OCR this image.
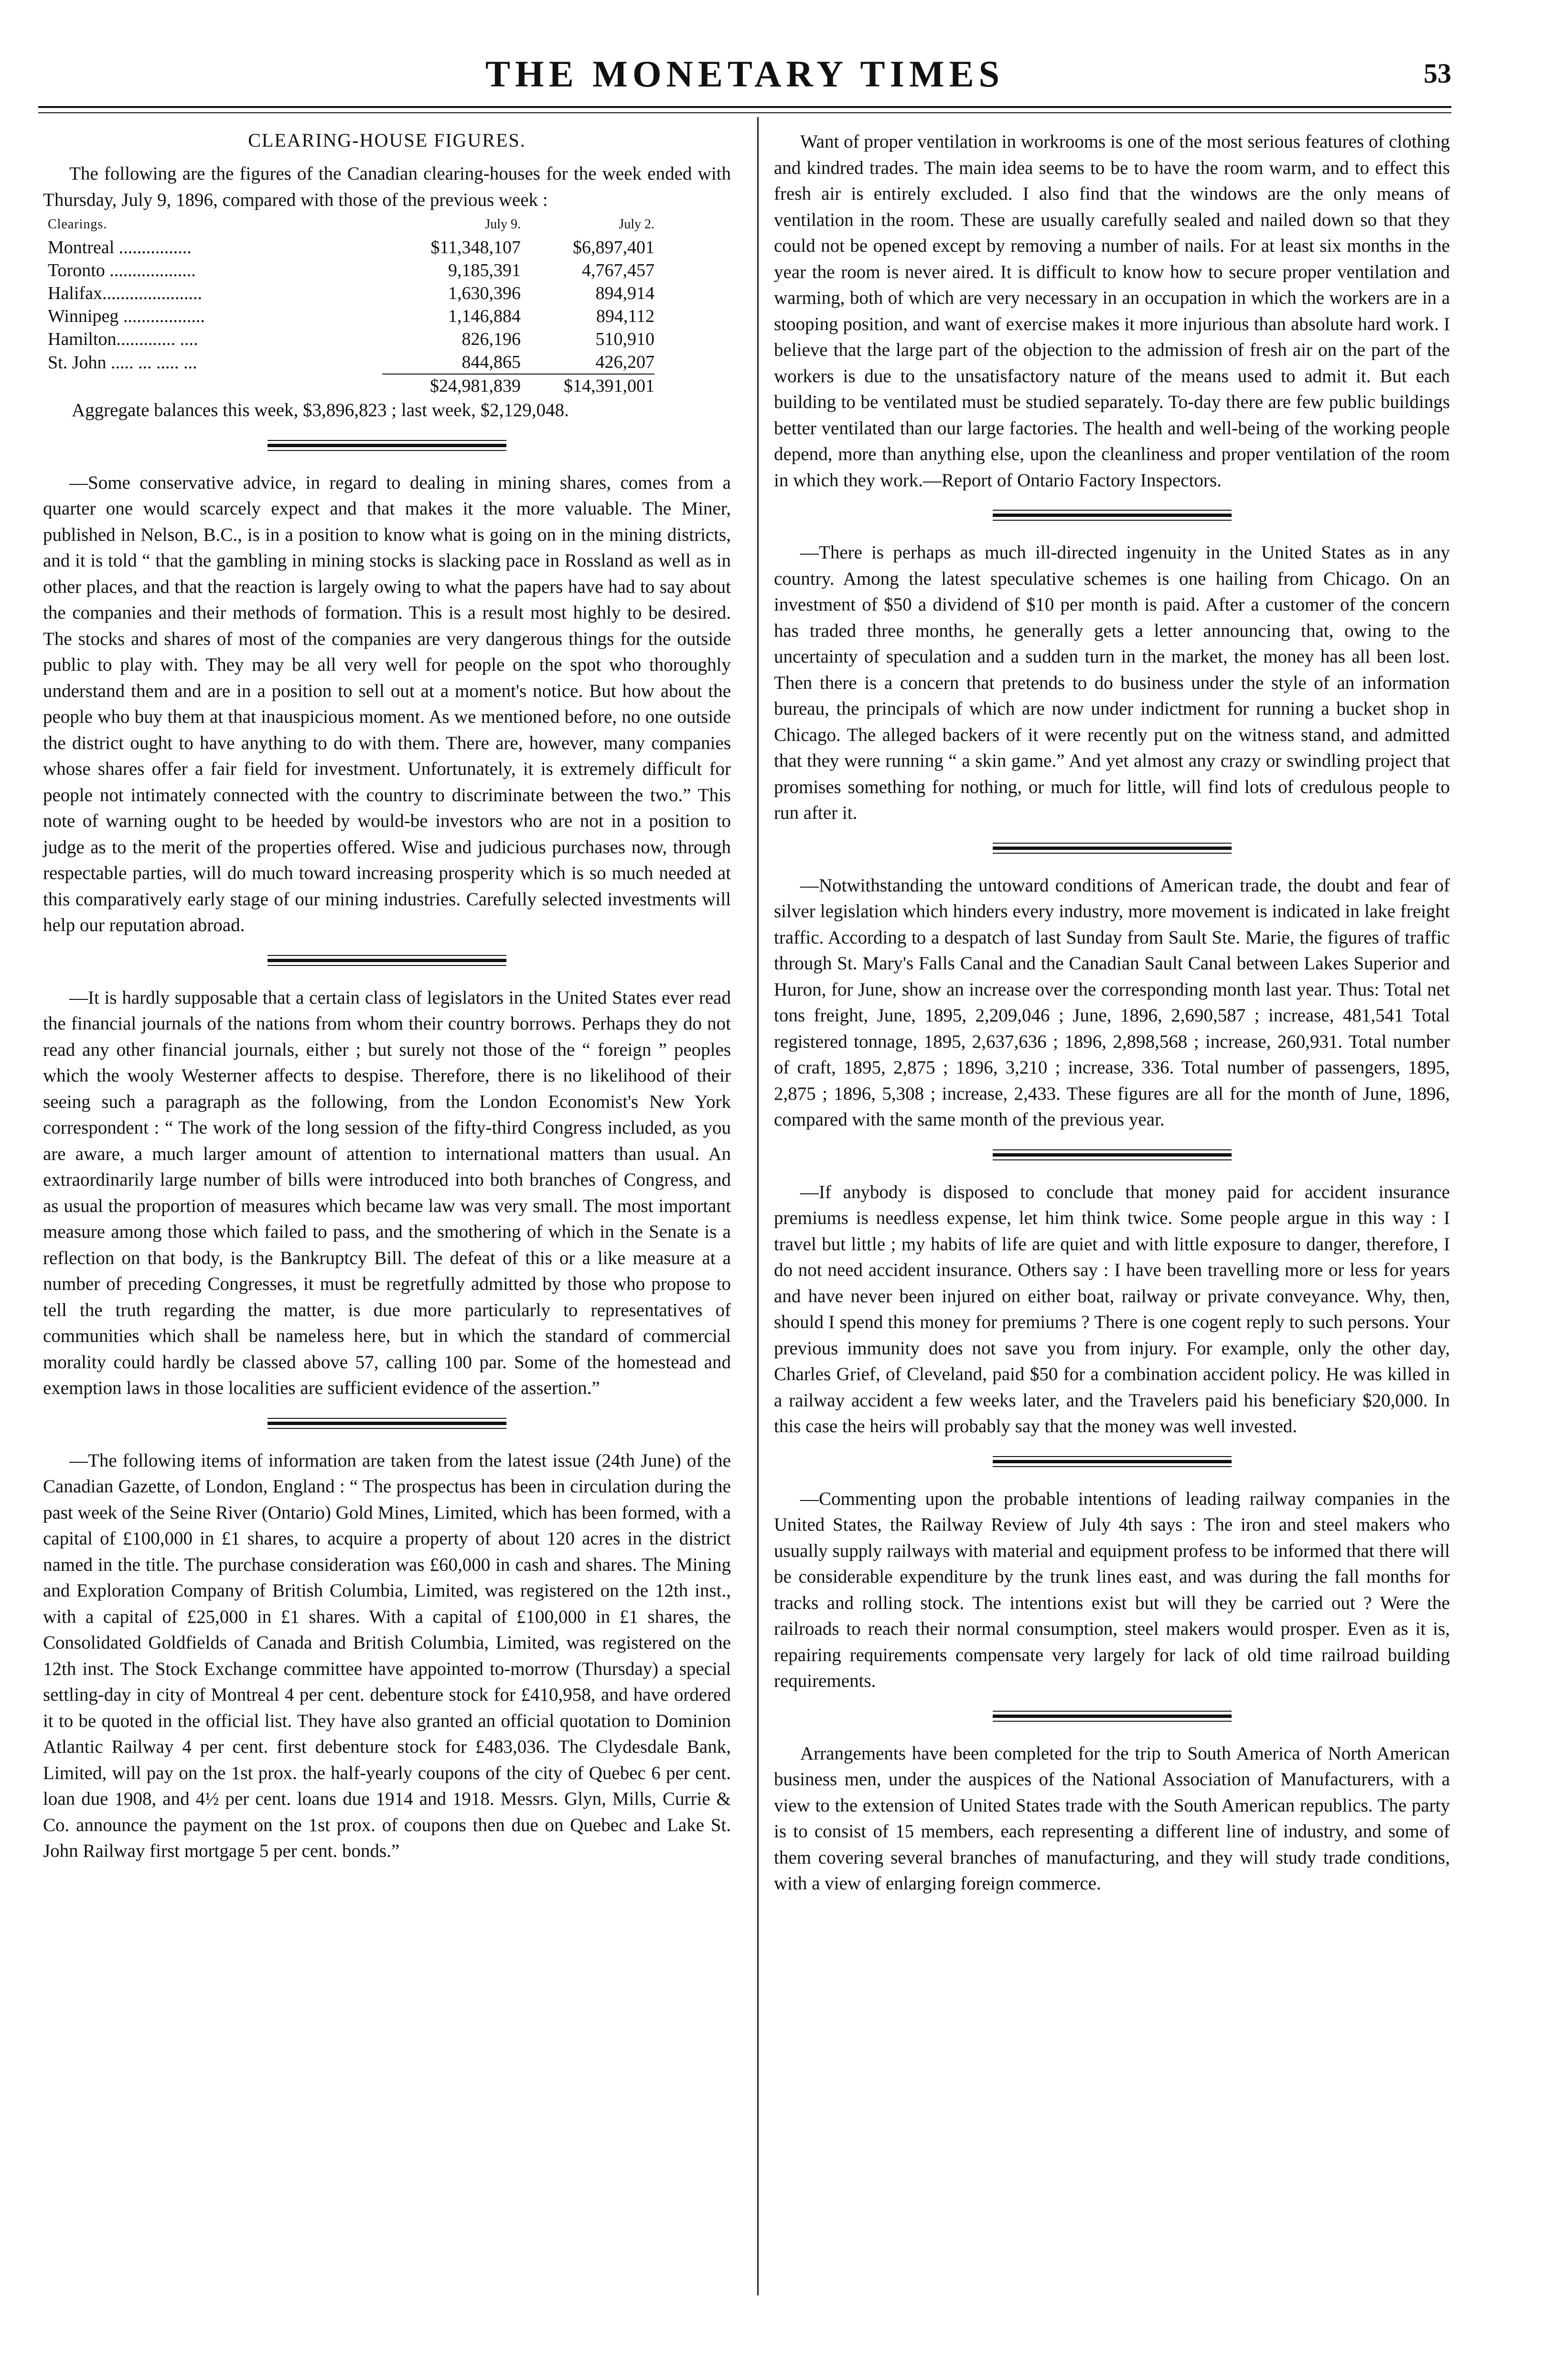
THE MONETARY TIMES	53
CLEARING-HOUSE FIGURES.

The following are the figures of the Canadian clearing-houses for the week ended with Thursday, July 9, 1896, compared with those of the previous week :

Clearings.	July 9.	July 2.
Montreal ................	$11,348,107	$6,897,401
Toronto ...................	9,185,391	4,767,457
Halifax......................	1,630,396	894,914
Winnipeg ..................	1,146,884	894,112
Hamilton............. ....	826,196	510,910
St. John ..... ... ..... ...	844,865	426,207
	$24,981,839	$14,391,001

Aggregate balances this week, $3,896,823 ; last week, $2,129,048.

—Some conservative advice, in regard to dealing in mining shares, comes from a quarter one would scarcely expect and that makes it the more valuable. The Miner, published in Nelson, B.C., is in a position to know what is going on in the mining districts, and it is told “ that the gambling in mining stocks is slacking pace in Rossland as well as in other places, and that the reaction is largely owing to what the papers have had to say about the companies and their methods of formation. This is a result most highly to be desired. The stocks and shares of most of the companies are very dangerous things for the outside public to play with. They may be all very well for people on the spot who thoroughly understand them and are in a position to sell out at a moment's notice. But how about the people who buy them at that inauspicious moment. As we mentioned before, no one outside the district ought to have anything to do with them. There are, however, many companies whose shares offer a fair field for investment. Unfortunately, it is extremely difficult for people not intimately connected with the country to discriminate between the two.” This note of warning ought to be heeded by would-be investors who are not in a position to judge as to the merit of the properties offered. Wise and judicious purchases now, through respectable parties, will do much toward increasing prosperity which is so much needed at this comparatively early stage of our mining industries. Carefully selected investments will help our reputation abroad.

—It is hardly supposable that a certain class of legislators in the United States ever read the financial journals of the nations from whom their country borrows. Perhaps they do not read any other financial journals, either ; but surely not those of the “ foreign ” peoples which the wooly Westerner affects to despise. Therefore, there is no likelihood of their seeing such a paragraph as the following, from the London Economist's New York correspondent : “ The work of the long session of the fifty-third Congress included, as you are aware, a much larger amount of attention to international matters than usual. An extraordinarily large number of bills were introduced into both branches of Congress, and as usual the proportion of measures which became law was very small. The most important measure among those which failed to pass, and the smothering of which in the Senate is a reflection on that body, is the Bankruptcy Bill. The defeat of this or a like measure at a number of preceding Congresses, it must be regretfully admitted by those who propose to tell the truth regarding the matter, is due more particularly to representatives of communities which shall be nameless here, but in which the standard of commercial morality could hardly be classed above 57, calling 100 par. Some of the homestead and exemption laws in those localities are sufficient evidence of the assertion.”

—The following items of information are taken from the latest issue (24th June) of the Canadian Gazette, of London, England : “ The prospectus has been in circulation during the past week of the Seine River (Ontario) Gold Mines, Limited, which has been formed, with a capital of £100,000 in £1 shares, to acquire a property of about 120 acres in the district named in the title. The purchase consideration was £60,000 in cash and shares. The Mining and Exploration Company of British Columbia, Limited, was registered on the 12th inst., with a capital of £25,000 in £1 shares. With a capital of £100,000 in £1 shares, the Consolidated Goldfields of Canada and British Columbia, Limited, was registered on the 12th inst. The Stock Exchange committee have appointed to-morrow (Thursday) a special settling-day in city of Montreal 4 per cent. debenture stock for £410,958, and have ordered it to be quoted in the official list. They have also granted an official quotation to Dominion Atlantic Railway 4 per cent. first debenture stock for £483,036. The Clydesdale Bank, Limited, will pay on the 1st prox. the half-yearly coupons of the city of Quebec 6 per cent. loan due 1908, and 4½ per cent. loans due 1914 and 1918. Messrs. Glyn, Mills, Currie & Co. announce the payment on the 1st prox. of coupons then due on Quebec and Lake St. John Railway first mortgage 5 per cent. bonds.”

Want of proper ventilation in workrooms is one of the most serious features of clothing and kindred trades. The main idea seems to be to have the room warm, and to effect this fresh air is entirely excluded. I also find that the windows are the only means of ventilation in the room. These are usually carefully sealed and nailed down so that they could not be opened except by removing a number of nails. For at least six months in the year the room is never aired. It is difficult to know how to secure proper ventilation and warming, both of which are very necessary in an occupation in which the workers are in a stooping position, and want of exercise makes it more injurious than absolute hard work. I believe that the large part of the objection to the admission of fresh air on the part of the workers is due to the unsatisfactory nature of the means used to admit it. But each building to be ventilated must be studied separately. To-day there are few public buildings better ventilated than our large factories. The health and well-being of the working people depend, more than anything else, upon the cleanliness and proper ventilation of the room in which they work.—Report of Ontario Factory Inspectors.

—There is perhaps as much ill-directed ingenuity in the United States as in any country. Among the latest speculative schemes is one hailing from Chicago. On an investment of $50 a dividend of $10 per month is paid. After a customer of the concern has traded three months, he generally gets a letter announcing that, owing to the uncertainty of speculation and a sudden turn in the market, the money has all been lost. Then there is a concern that pretends to do business under the style of an information bureau, the principals of which are now under indictment for running a bucket shop in Chicago. The alleged backers of it were recently put on the witness stand, and admitted that they were running “ a skin game.” And yet almost any crazy or swindling project that promises something for nothing, or much for little, will find lots of credulous people to run after it.

—Notwithstanding the untoward conditions of American trade, the doubt and fear of silver legislation which hinders every industry, more movement is indicated in lake freight traffic. According to a despatch of last Sunday from Sault Ste. Marie, the figures of traffic through St. Mary's Falls Canal and the Canadian Sault Canal between Lakes Superior and Huron, for June, show an increase over the corresponding month last year. Thus: Total net tons freight, June, 1895, 2,209,046 ; June, 1896, 2,690,587 ; increase, 481,541 Total registered tonnage, 1895, 2,637,636 ; 1896, 2,898,568 ; increase, 260,931. Total number of craft, 1895, 2,875 ; 1896, 3,210 ; increase, 336. Total number of passengers, 1895, 2,875 ; 1896, 5,308 ; increase, 2,433. These figures are all for the month of June, 1896, compared with the same month of the previous year.

—If anybody is disposed to conclude that money paid for accident insurance premiums is needless expense, let him think twice. Some people argue in this way : I travel but little ; my habits of life are quiet and with little exposure to danger, therefore, I do not need accident insurance. Others say : I have been travelling more or less for years and have never been injured on either boat, railway or private conveyance. Why, then, should I spend this money for premiums ? There is one cogent reply to such persons. Your previous immunity does not save you from injury. For example, only the other day, Charles Grief, of Cleveland, paid $50 for a combination accident policy. He was killed in a railway accident a few weeks later, and the Travelers paid his beneficiary $20,000. In this case the heirs will probably say that the money was well invested.

—Commenting upon the probable intentions of leading railway companies in the United States, the Railway Review of July 4th says : The iron and steel makers who usually supply railways with material and equipment profess to be informed that there will be considerable expenditure by the trunk lines east, and was during the fall months for tracks and rolling stock. The intentions exist but will they be carried out ? Were the railroads to reach their normal consumption, steel makers would prosper. Even as it is, repairing requirements compensate very largely for lack of old time railroad building requirements.

Arrangements have been completed for the trip to South America of North American business men, under the auspices of the National Association of Manufacturers, with a view to the extension of United States trade with the South American republics. The party is to consist of 15 members, each representing a different line of industry, and some of them covering several branches of manufacturing, and they will study trade conditions, with a view of enlarging foreign commerce.
